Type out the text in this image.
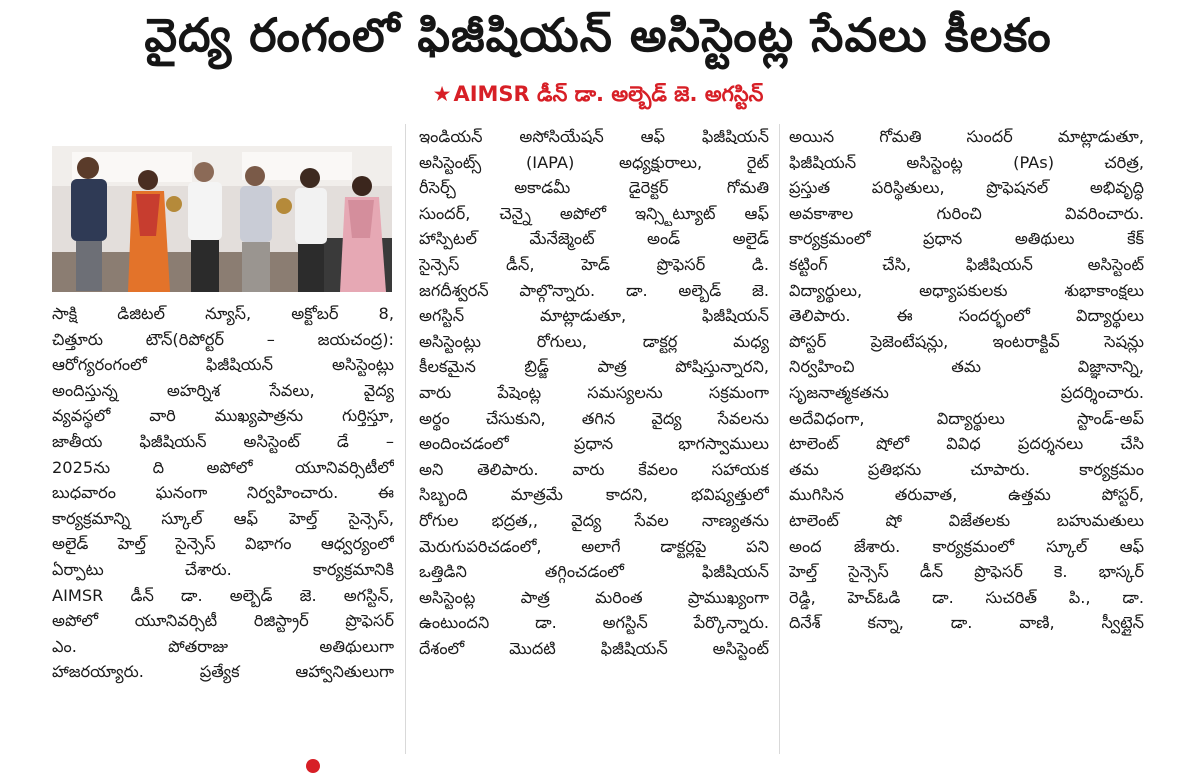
వైద్య రంగంలో ఫిజీషియన్ అసిస్టెంట్ల సేవలు కీలకం
★AIMSR డీన్ డా. అల్బెడ్ జె. అగస్టిన్
సాక్షి డిజిటల్ న్యూస్, అక్టోబర్ 8,
చిత్తూరు టౌన్(రిపోర్టర్ – జయచంద్ర):
ఆరోగ్యరంగంలో ఫిజీషియన్ అసిస్టెంట్లు
అందిస్తున్న అహర్నిశ సేవలు, వైద్య
వ్యవస్థలో వారి ముఖ్యపాత్రను గుర్తిస్తూ,
జాతీయ ఫిజీషియన్ అసిస్టెంట్ డే –
2025ను ది అపోలో యూనివర్సిటీలో
బుధవారం ఘనంగా నిర్వహించారు. ఈ
కార్యక్రమాన్ని స్కూల్ ఆఫ్ హెల్త్ సైన్సెస్,
అలైడ్ హెల్త్ సైన్సెస్ విభాగం ఆధ్వర్యంలో
ఏర్పాటు చేశారు. కార్యక్రమానికి
AIMSR డీన్ డా. అల్బెడ్ జె. అగస్టిన్,
అపోలో యూనివర్సిటీ రిజిస్ట్రార్ ప్రొఫెసర్
ఎం. పోతరాజు అతిథులుగా
హాజరయ్యారు. ప్రత్యేక ఆహ్వానితులుగా
ఇండియన్ అసోసియేషన్ ఆఫ్ ఫిజీషియన్
అసిస్టెంట్స్ (IAPA) అధ్యక్షురాలు, రైట్
రీసెర్చ్ అకాడమీ డైరెక్టర్ గోమతి
సుందర్, చెన్నై అపోలో ఇన్స్టిట్యూట్ ఆఫ్
హాస్పిటల్ మేనేజ్మెంట్ అండ్ అలైడ్
సైన్సెస్ డీన్, హెడ్ ప్రొఫెసర్ డి.
జగదీశ్వరన్ పాల్గొన్నారు. డా. అల్బెడ్ జె.
అగస్టిన్ మాట్లాడుతూ, ఫిజీషియన్
అసిస్టెంట్లు రోగులు, డాక్టర్ల మధ్య
కీలకమైన బ్రిడ్జ్ పాత్ర పోషిస్తున్నారని,
వారు పేషెంట్ల సమస్యలను సక్రమంగా
అర్థం చేసుకుని, తగిన వైద్య సేవలను
అందించడంలో ప్రధాన భాగస్వాములు
అని తెలిపారు. వారు కేవలం సహాయక
సిబ్బంది మాత్రమే కాదని, భవిష్యత్తులో
రోగుల భద్రత,, వైద్య సేవల నాణ్యతను
మెరుగుపరిచడంలో, అలాగే డాక్టర్లపై పని
ఒత్తిడిని తగ్గించడంలో ఫిజీషియన్
అసిస్టెంట్ల పాత్ర మరింత ప్రాముఖ్యంగా
ఉంటుందని డా. అగస్టిన్ పేర్కొన్నారు.
దేశంలో మొదటి ఫిజీషియన్ అసిస్టెంట్
అయిన గోమతి సుందర్ మాట్లాడుతూ,
ఫిజీషియన్ అసిస్టెంట్ల (PAs) చరిత్ర,
ప్రస్తుత పరిస్థితులు, ప్రొఫెషనల్ అభివృద్ధి
అవకాశాల గురించి వివరించారు.
కార్యక్రమంలో ప్రధాన అతిథులు కేక్
కట్టింగ్ చేసి, ఫిజీషియన్ అసిస్టెంట్
విద్యార్థులు, అధ్యాపకులకు శుభాకాంక్షలు
తెలిపారు. ఈ సందర్భంలో విద్యార్థులు
పోస్టర్ ప్రెజెంటేషన్లు, ఇంటరాక్టివ్ సెషన్లు
నిర్వహించి తమ విజ్ఞానాన్ని,
సృజనాత్మకతను ప్రదర్శించారు.
అదేవిధంగా, విద్యార్థులు స్టాండ్-అప్
టాలెంట్ షోలో వివిధ ప్రదర్శనలు చేసి
తమ ప్రతిభను చూపారు. కార్యక్రమం
ముగిసిన తరువాత, ఉత్తమ పోస్టర్,
టాలెంట్ షో విజేతలకు బహుమతులు
అంద జేశారు. కార్యక్రమంలో స్కూల్ ఆఫ్
హెల్త్ సైన్సెస్ డీన్ ప్రొఫెసర్ కె. భాస్కర్
రెడ్డి, హెచ్ఓడి డా. సుచరిత్ పి., డా.
దినేశ్ కన్నా, డా. వాణి, స్వీట్లైన్
